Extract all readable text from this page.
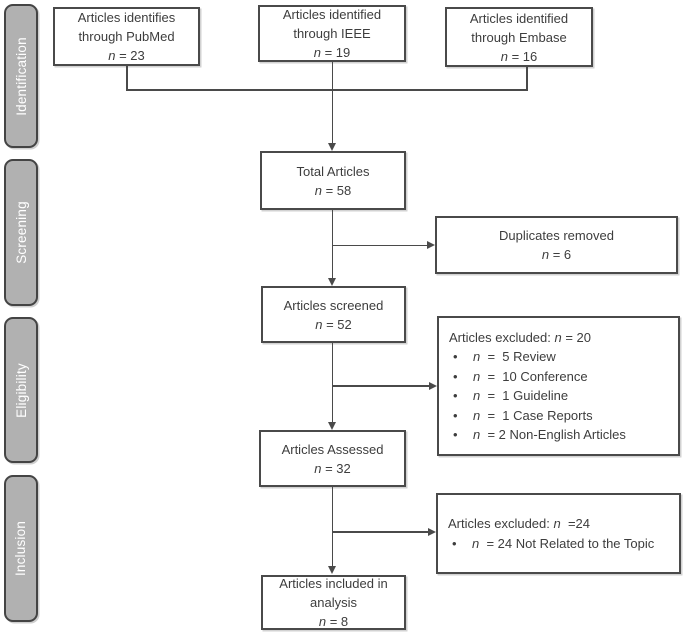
Identification
Screening
Eligibility
Inclusion
Articles identifies
through PubMed
n = 23
Articles identified
through IEEE
n = 19
Articles identified
through Embase
n = 16
Total Articles
n = 58
Duplicates removed
n = 6
Articles screened
n = 52
Articles excluded: n = 20
•	n =  5 Review
•	n =  10 Conference
•	n =  1 Guideline
•	n =  1 Case Reports
•	n = 2 Non-English Articles
Articles Assessed
n = 32
Articles excluded: n  =24
•	n = 24 Not Related to the Topic
Articles included in
analysis
n = 8
